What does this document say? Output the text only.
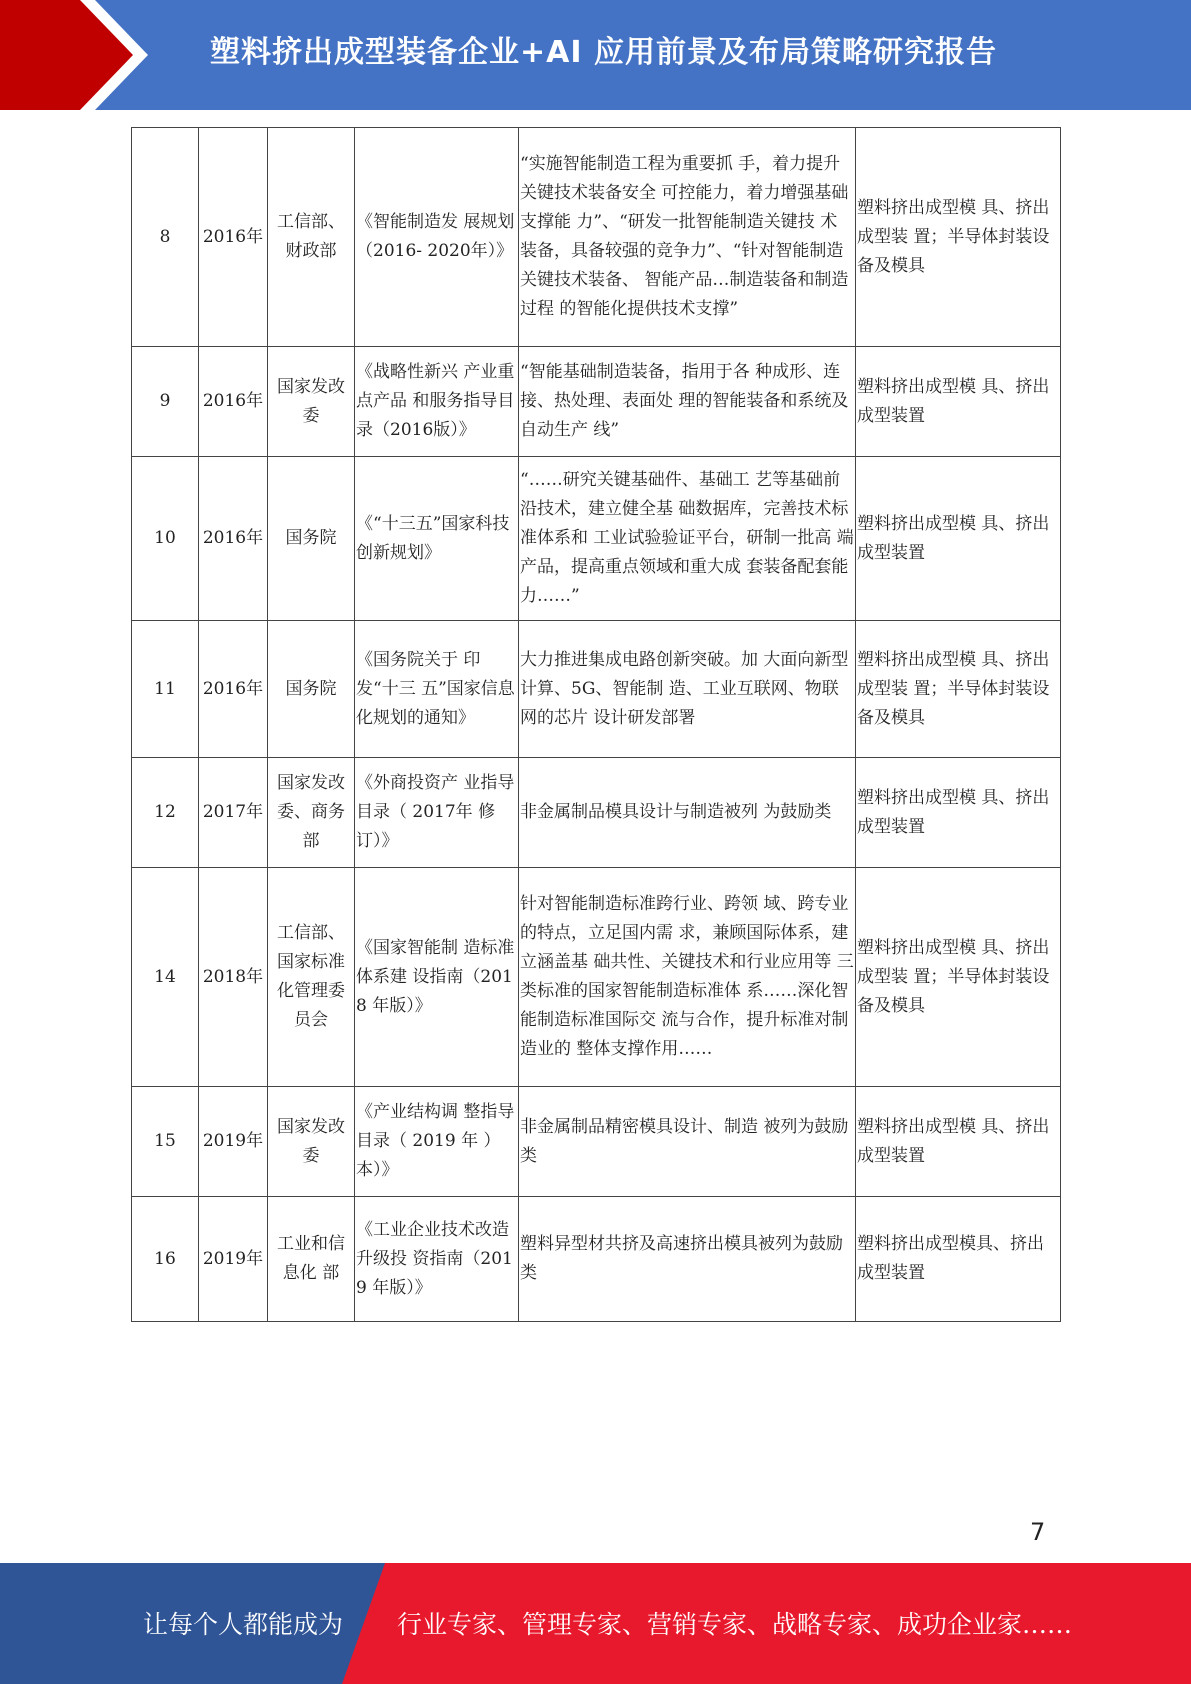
塑料挤出成型装备企业+AI 应用前景及布局策略研究报告
8	2016年	工信部、财政部	《智能制造发 展规划（2016- 2020年）》	“实施智能制造工程为重要抓 手，着力提升关键技术装备安全 可控能力，着力增强基础支撑能 力”、“研发一批智能制造关键技 术装备，具备较强的竞争力”、“针对智能制造关键技术装备、 智能产品…制造装备和制造过程 的智能化提供技术支撑”	塑料挤出成型模 具、挤出成型装 置；半导体封装设 备及模具
9	2016年	国家发改委	《战略性新兴 产业重点产品 和服务指导目 录（2016版）》	“智能基础制造装备，指用于各 种成形、连接、热处理、表面处 理的智能装备和系统及自动生产 线”	塑料挤出成型模 具、挤出成型装置
10	2016年	国务院	《“十三五”国家科技创新规划》	“……研究关键基础件、基础工 艺等基础前沿技术，建立健全基 础数据库，完善技术标准体系和 工业试验验证平台，研制一批高 端产品，提高重点领域和重大成 套装备配套能力……”	塑料挤出成型模 具、挤出成型装置
11	2016年	国务院	《国务院关于 印发“十三 五”国家信息 化规划的通知》	大力推进集成电路创新突破。加 大面向新型计算、5G、智能制 造、工业互联网、物联网的芯片 设计研发部署	塑料挤出成型模 具、挤出成型装 置；半导体封装设 备及模具
12	2017年	国家发改委、商务部	《外商投资产 业指导目录（ 2017年 修订）》	非金属制品模具设计与制造被列 为鼓励类	塑料挤出成型模 具、挤出成型装置
14	2018年	工信部、国家标准化管理委员会	《国家智能制 造标准体系建 设指南（2018 年版）》	针对智能制造标准跨行业、跨领 域、跨专业的特点，立足国内需 求，兼顾国际体系，建立涵盖基 础共性、关键技术和行业应用等 三类标准的国家智能制造标准体 系……深化智能制造标准国际交 流与合作，提升标准对制造业的 整体支撑作用……	塑料挤出成型模 具、挤出成型装 置；半导体封装设 备及模具
15	2019年	国家发改委	《产业结构调 整指导目录（ 2019 年 ）本）》	非金属制品精密模具设计、制造 被列为鼓励类	塑料挤出成型模 具、挤出成型装置
16	2019年	工业和信息化 部	《工业企业技术改造升级投 资指南（2019 年版）》	塑料异型材共挤及高速挤出模具被列为鼓励类	塑料挤出成型模具、挤出成型装置
7
让每个人都能成为 行业专家、管理专家、营销专家、战略专家、成功企业家……
